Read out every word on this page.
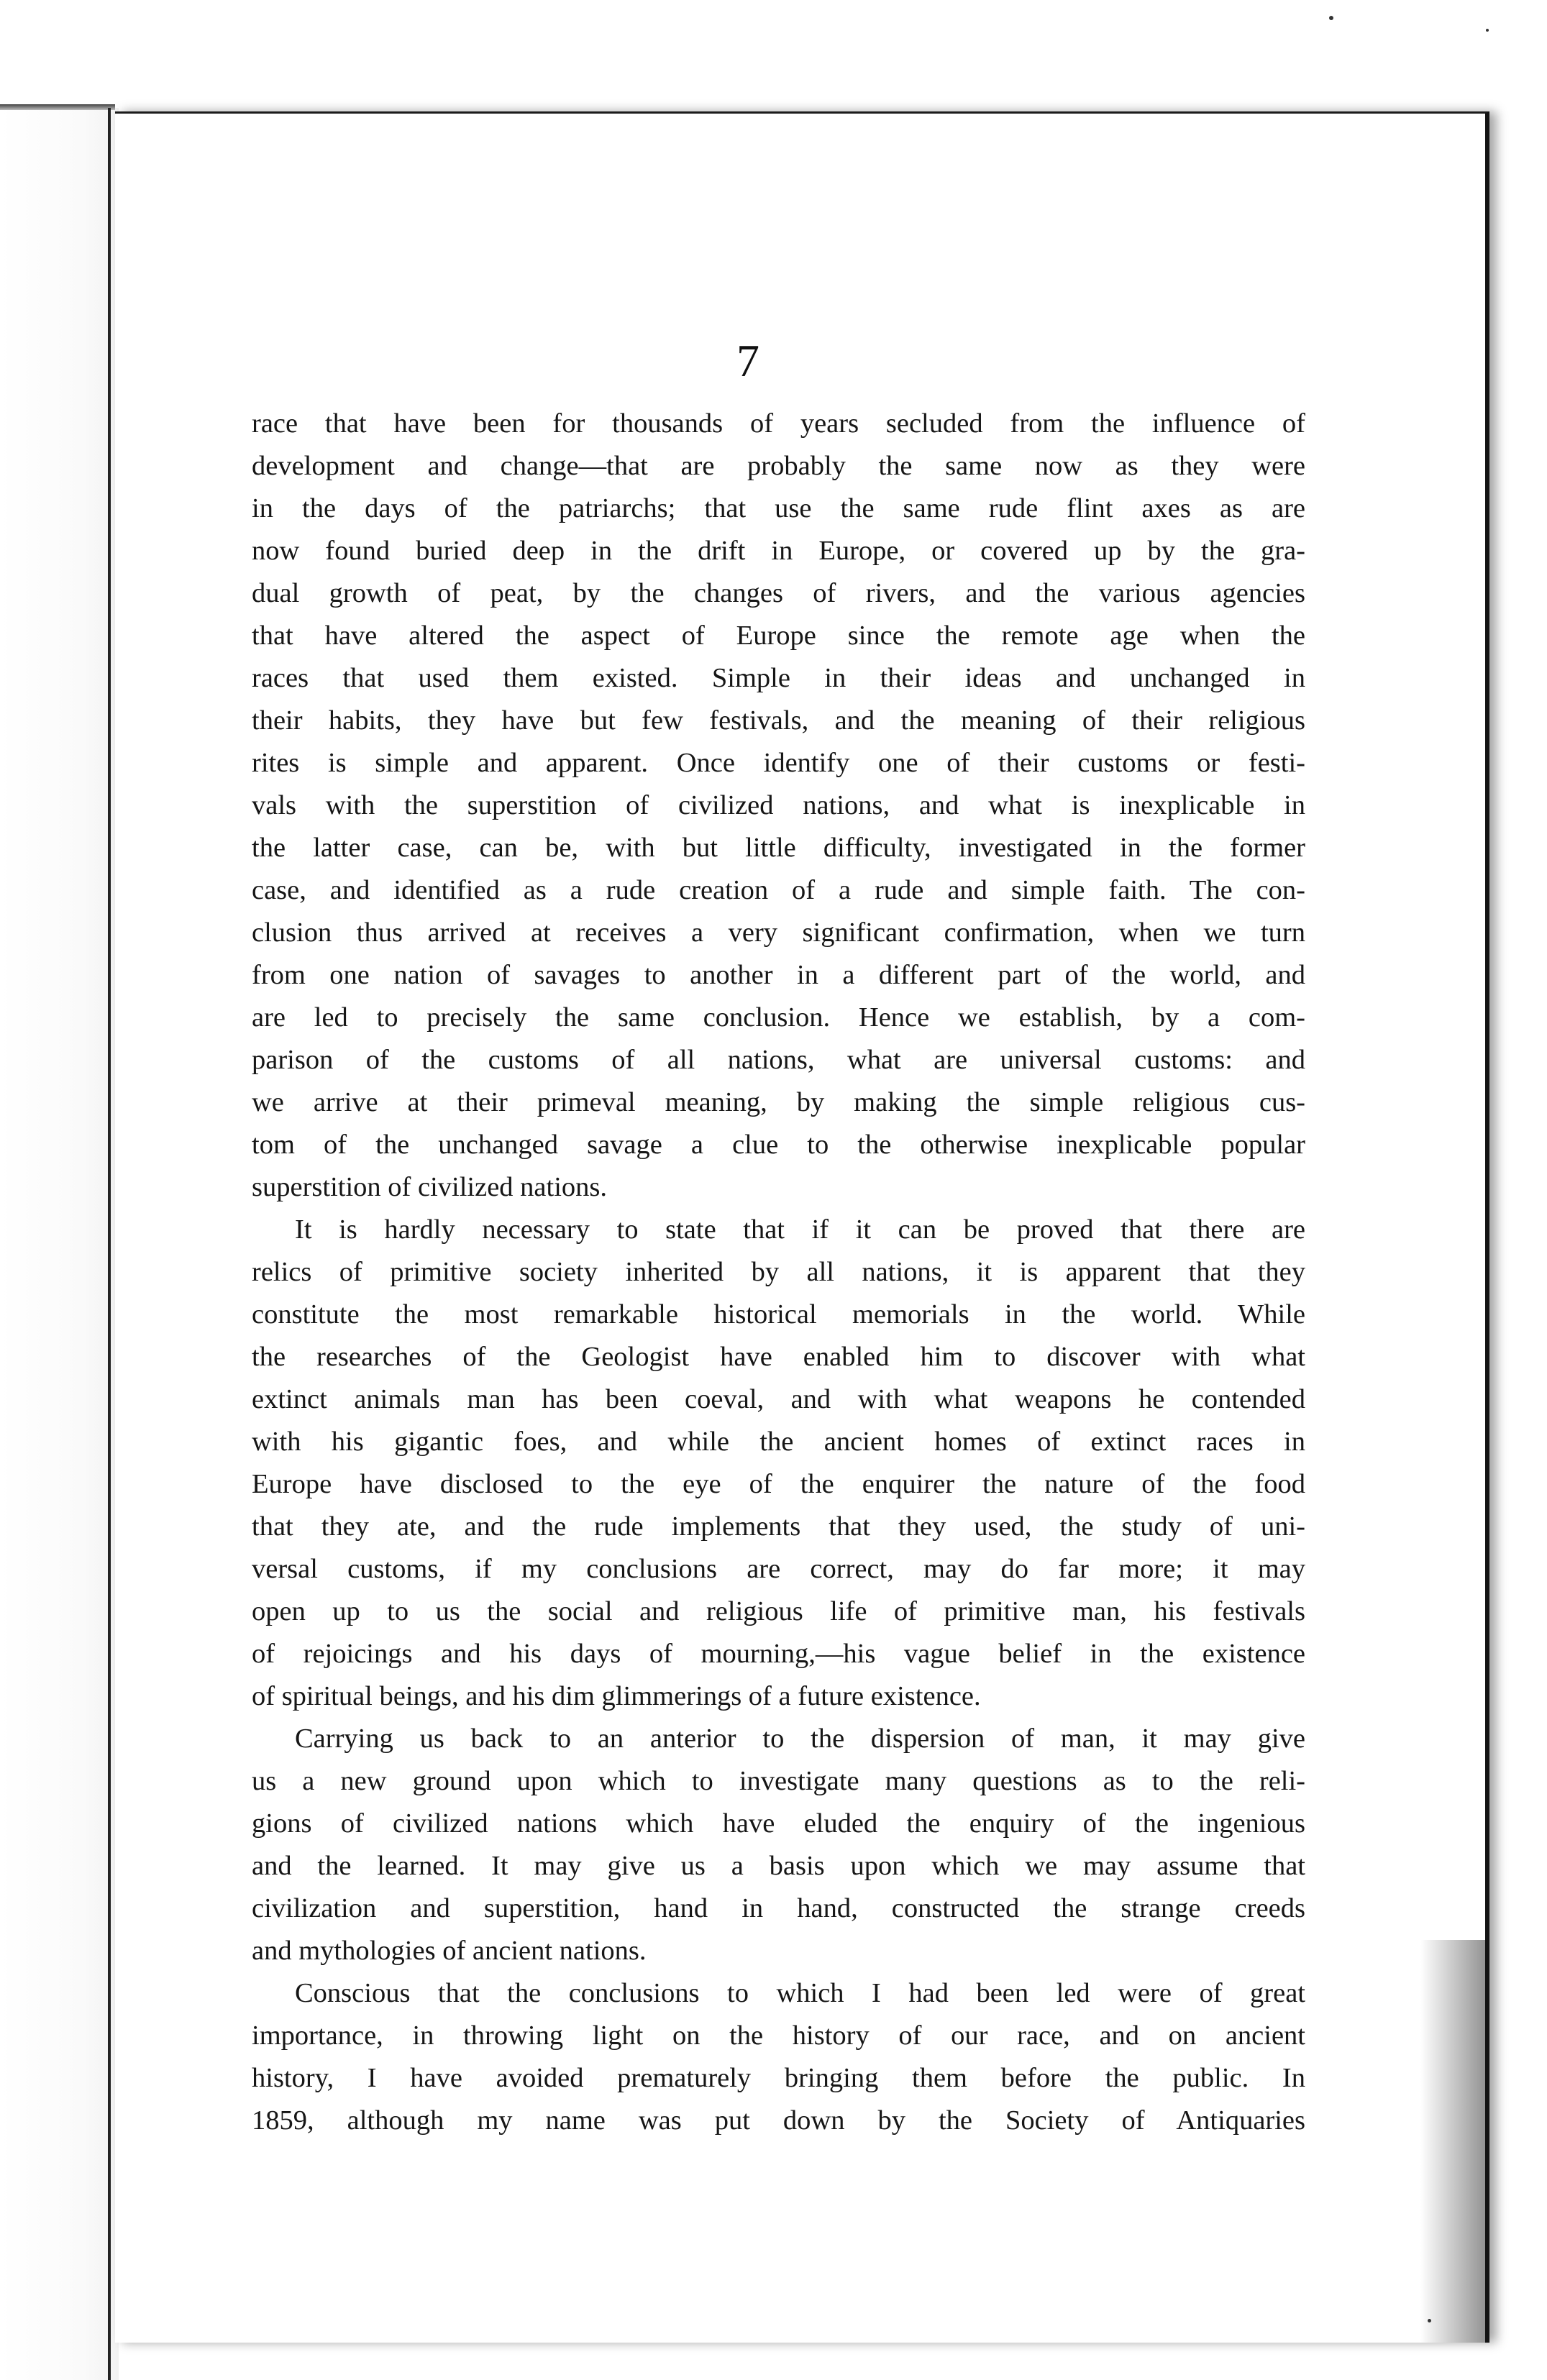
7

race that have been for thousands of years secluded from the influence of
development and change—that are probably the same now as they were
in the days of the patriarchs; that use the same rude flint axes as are
now found buried deep in the drift in Europe, or covered up by the gra-
dual growth of peat, by the changes of rivers, and the various agencies
that have altered the aspect of Europe since the remote age when the
races that used them existed. Simple in their ideas and unchanged in
their habits, they have but few festivals, and the meaning of their religious
rites is simple and apparent. Once identify one of their customs or festi-
vals with the superstition of civilized nations, and what is inexplicable in
the latter case, can be, with but little difficulty, investigated in the former
case, and identified as a rude creation of a rude and simple faith. The con-
clusion thus arrived at receives a very significant confirmation, when we turn
from one nation of savages to another in a different part of the world, and
are led to precisely the same conclusion. Hence we establish, by a com-
parison of the customs of all nations, what are universal customs: and
we arrive at their primeval meaning, by making the simple religious cus-
tom of the unchanged savage a clue to the otherwise inexplicable popular
superstition of civilized nations.

It is hardly necessary to state that if it can be proved that there are
relics of primitive society inherited by all nations, it is apparent that they
constitute the most remarkable historical memorials in the world. While
the researches of the Geologist have enabled him to discover with what
extinct animals man has been coeval, and with what weapons he contended
with his gigantic foes, and while the ancient homes of extinct races in
Europe have disclosed to the eye of the enquirer the nature of the food
that they ate, and the rude implements that they used, the study of uni-
versal customs, if my conclusions are correct, may do far more; it may
open up to us the social and religious life of primitive man, his festivals
of rejoicings and his days of mourning,—his vague belief in the existence
of spiritual beings, and his dim glimmerings of a future existence.

Carrying us back to an anterior to the dispersion of man, it may give
us a new ground upon which to investigate many questions as to the reli-
gions of civilized nations which have eluded the enquiry of the ingenious
and the learned. It may give us a basis upon which we may assume that
civilization and superstition, hand in hand, constructed the strange creeds
and mythologies of ancient nations.

Conscious that the conclusions to which I had been led were of great
importance, in throwing light on the history of our race, and on ancient
history, I have avoided prematurely bringing them before the public. In
1859, although my name was put down by the Society of Antiquaries
